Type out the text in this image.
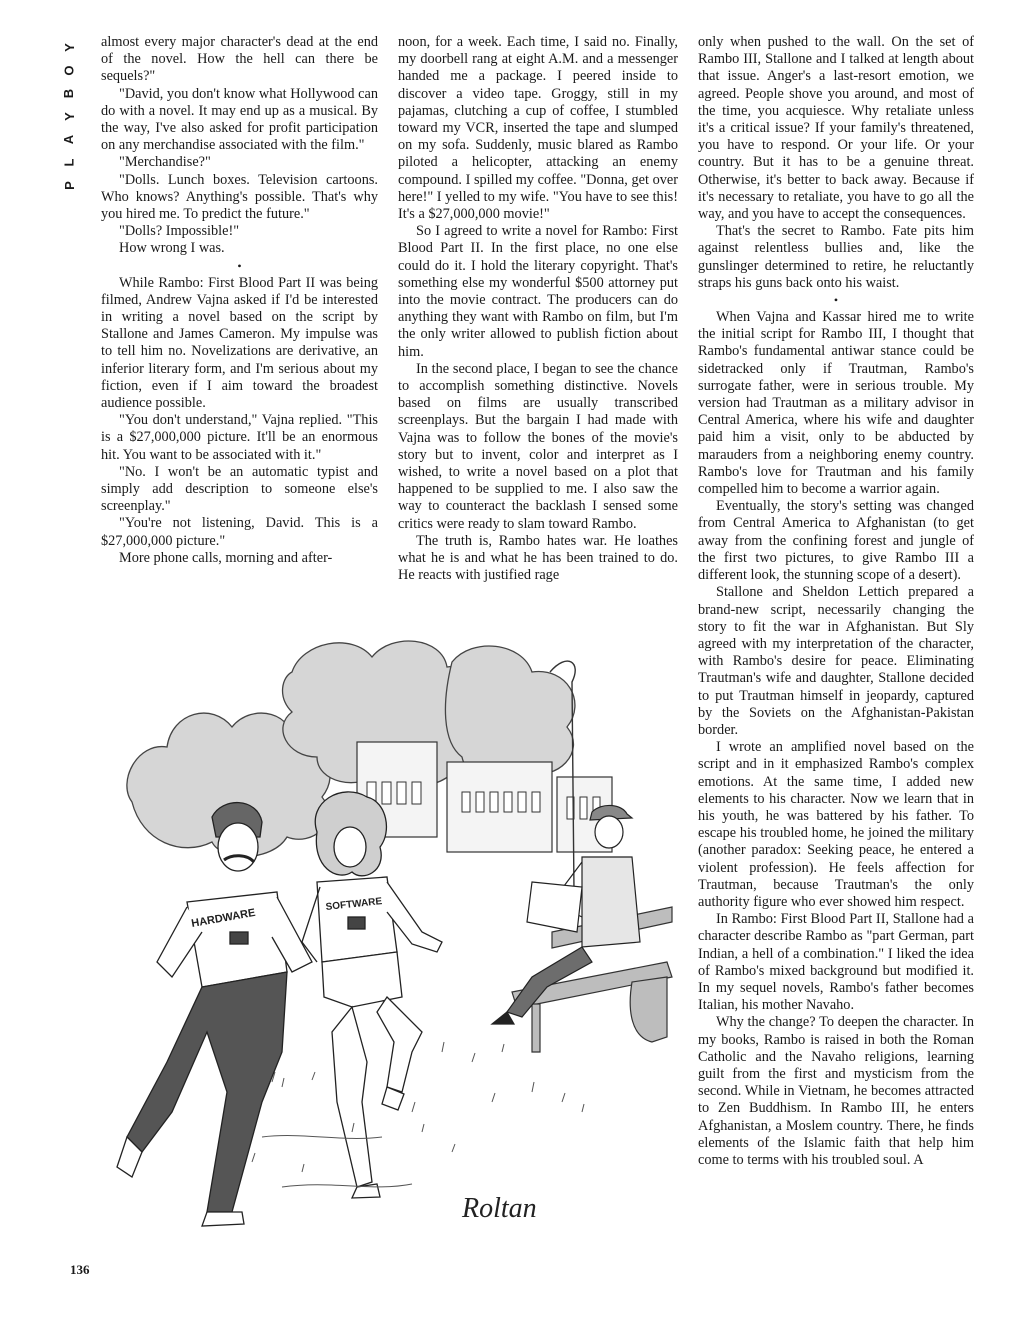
Y
O
B
Y
A
L
P

almost every major character's dead at the end of the novel. How the hell can there be sequels?"

"David, you don't know what Hollywood can do with a novel. It may end up as a musical. By the way, I've also asked for profit participation on any merchandise associated with the film."

"Merchandise?"

"Dolls. Lunch boxes. Television cartoons. Who knows? Anything's possible. That's why you hired me. To predict the future."

"Dolls? Impossible!"

How wrong I was.

•

While Rambo: First Blood Part II was being filmed, Andrew Vajna asked if I'd be interested in writing a novel based on the script by Stallone and James Cameron. My impulse was to tell him no. Novelizations are derivative, an inferior literary form, and I'm serious about my fiction, even if I aim toward the broadest audience possible.

"You don't understand," Vajna replied. "This is a $27,000,000 picture. It'll be an enormous hit. You want to be associated with it."

"No. I won't be an automatic typist and simply add description to someone else's screenplay."

"You're not listening, David. This is a $27,000,000 picture."

More phone calls, morning and after-

noon, for a week. Each time, I said no. Finally, my doorbell rang at eight A.M. and a messenger handed me a package. I peered inside to discover a video tape. Groggy, still in my pajamas, clutching a cup of coffee, I stumbled toward my VCR, inserted the tape and slumped on my sofa. Suddenly, music blared as Rambo piloted a helicopter, attacking an enemy compound. I spilled my coffee. "Donna, get over here!" I yelled to my wife. "You have to see this! It's a $27,000,000 movie!"

So I agreed to write a novel for Rambo: First Blood Part II. In the first place, no one else could do it. I hold the literary copyright. That's something else my wonderful $500 attorney put into the movie contract. The producers can do anything they want with Rambo on film, but I'm the only writer allowed to publish fiction about him.

In the second place, I began to see the chance to accomplish something distinctive. Novels based on films are usually transcribed screenplays. But the bargain I had made with Vajna was to follow the bones of the movie's story but to invent, color and interpret as I wished, to write a novel based on a plot that happened to be supplied to me. I also saw the way to counteract the backlash I sensed some critics were ready to slam toward Rambo.

The truth is, Rambo hates war. He loathes what he is and what he has been trained to do. He reacts with justified rage

only when pushed to the wall. On the set of Rambo III, Stallone and I talked at length about that issue. Anger's a last-resort emotion, we agreed. People shove you around, and most of the time, you acquiesce. Why retaliate unless it's a critical issue? If your family's threatened, you have to respond. Or your life. Or your country. But it has to be a genuine threat. Otherwise, it's better to back away. Because if it's necessary to retaliate, you have to go all the way, and you have to accept the consequences.

That's the secret to Rambo. Fate pits him against relentless bullies and, like the gunslinger determined to retire, he reluctantly straps his guns back onto his waist.

•

When Vajna and Kassar hired me to write the initial script for Rambo III, I thought that Rambo's fundamental antiwar stance could be sidetracked only if Trautman, Rambo's surrogate father, were in serious trouble. My version had Trautman as a military advisor in Central America, where his wife and daughter paid him a visit, only to be abducted by marauders from a neighboring enemy country. Rambo's love for Trautman and his family compelled him to become a warrior again.

Eventually, the story's setting was changed from Central America to Afghanistan (to get away from the confining forest and jungle of the first two pictures, to give Rambo III a different look, the stunning scope of a desert).

Stallone and Sheldon Lettich prepared a brand-new script, necessarily changing the story to fit the war in Afghanistan. But Sly agreed with my interpretation of the character, with Rambo's desire for peace. Eliminating Trautman's wife and daughter, Stallone decided to put Trautman himself in jeopardy, captured by the Soviets on the Afghanistan-Pakistan border.

I wrote an amplified novel based on the script and in it emphasized Rambo's complex emotions. At the same time, I added new elements to his character. Now we learn that in his youth, he was battered by his father. To escape his troubled home, he joined the military (another paradox: Seeking peace, he entered a violent profession). He feels affection for Trautman, because Trautman's the only authority figure who ever showed him respect.

In Rambo: First Blood Part II, Stallone had a character describe Rambo as "part German, part Indian, a hell of a combination." I liked the idea of Rambo's mixed background but modified it. In my sequel novels, Rambo's father becomes Italian, his mother Navaho.

Why the change? To deepen the character. In my books, Rambo is raised in both the Roman Catholic and the Navaho religions, learning guilt from the first and mysticism from the second. While in Vietnam, he becomes attracted to Zen Buddhism. In Rambo III, he enters Afghanistan, a Moslem country. There, he finds elements of the Islamic faith that help him come to terms with his troubled soul. A

HARDWARE
SOFTWARE
Roltan
136
